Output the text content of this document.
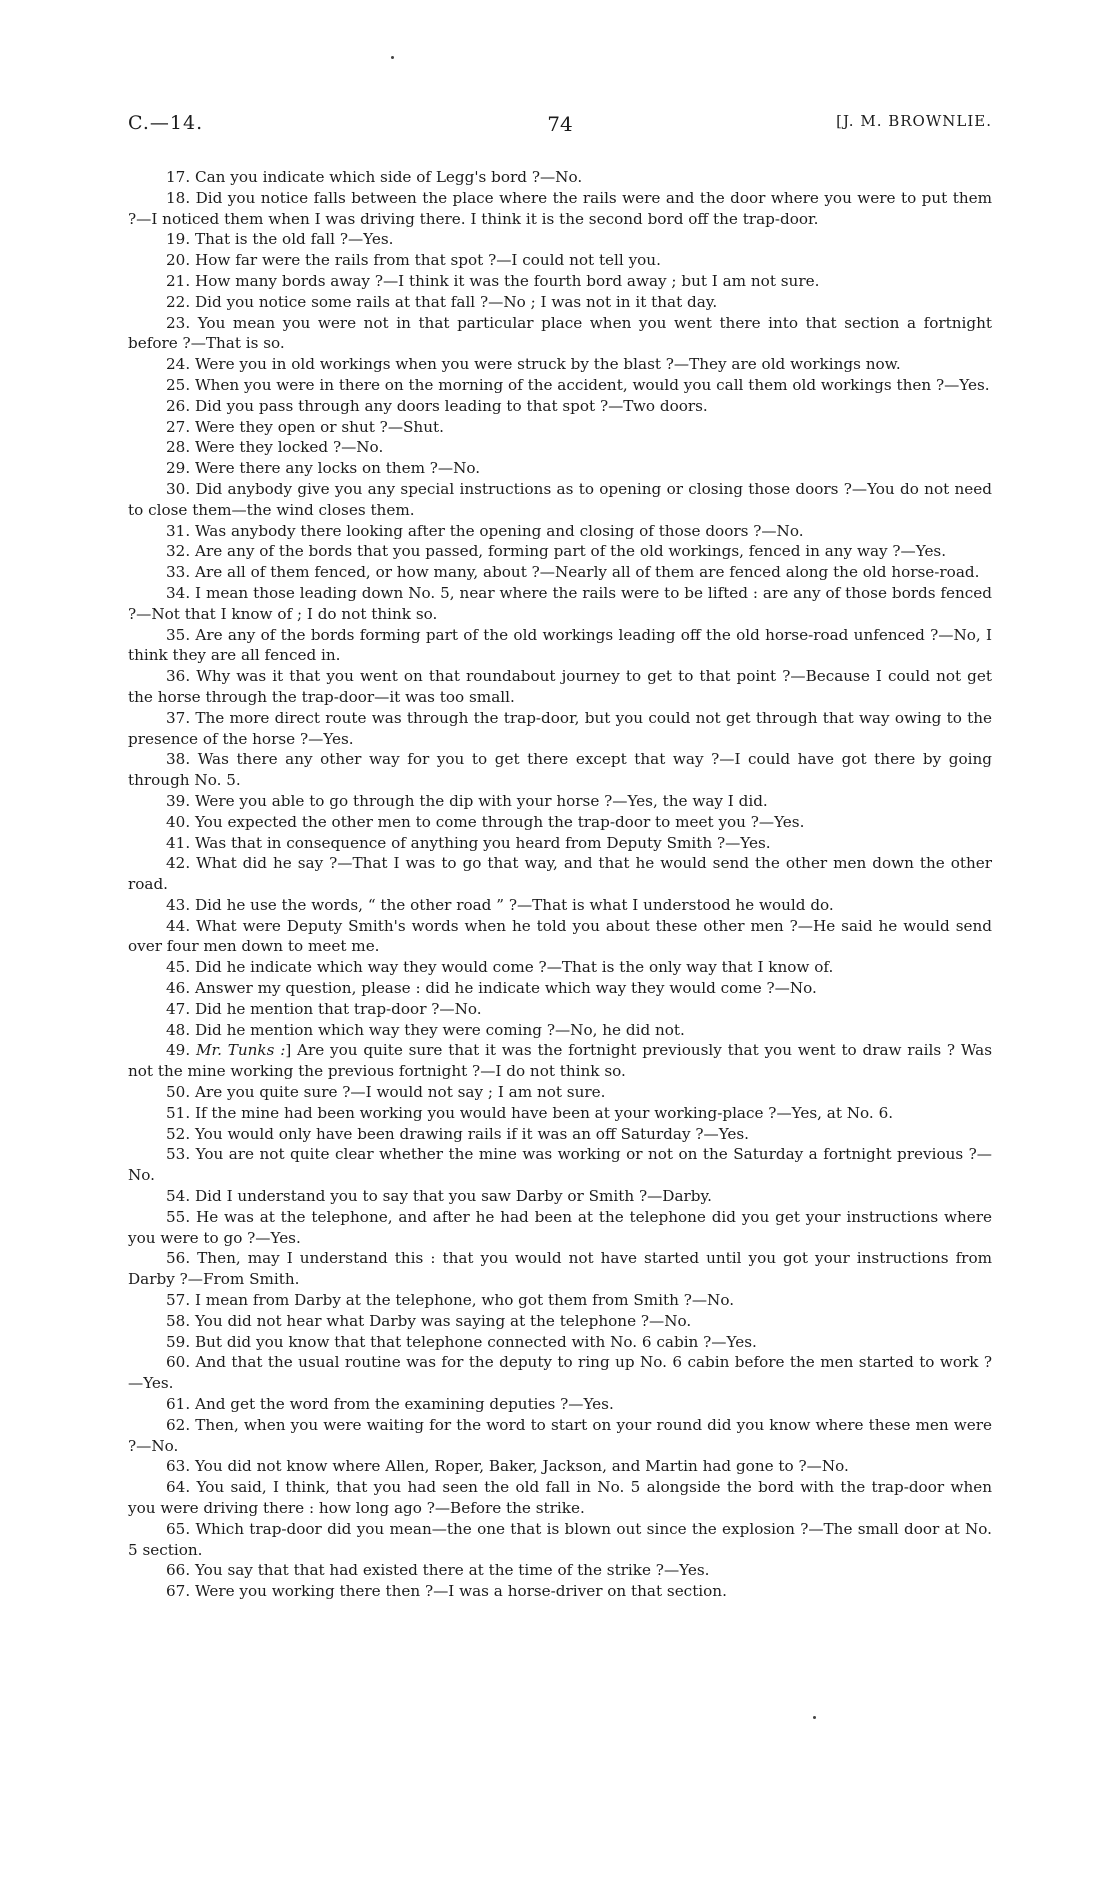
C.—14.	74	[J. M. BROWNLIE.

17. Can you indicate which side of Legg's bord ?—No.

18. Did you notice falls between the place where the rails were and the door where you were to put them ?—I noticed them when I was driving there. I think it is the second bord off the trap-door.

19. That is the old fall ?—Yes.

20. How far were the rails from that spot ?—I could not tell you.

21. How many bords away ?—I think it was the fourth bord away ; but I am not sure.

22. Did you notice some rails at that fall ?—No ; I was not in it that day.

23. You mean you were not in that particular place when you went there into that section a fortnight before ?—That is so.

24. Were you in old workings when you were struck by the blast ?—They are old workings now.

25. When you were in there on the morning of the accident, would you call them old workings then ?—Yes.

26. Did you pass through any doors leading to that spot ?—Two doors.

27. Were they open or shut ?—Shut.

28. Were they locked ?—No.

29. Were there any locks on them ?—No.

30. Did anybody give you any special instructions as to opening or closing those doors ?—You do not need to close them—the wind closes them.

31. Was anybody there looking after the opening and closing of those doors ?—No.

32. Are any of the bords that you passed, forming part of the old workings, fenced in any way ?—Yes.

33. Are all of them fenced, or how many, about ?—Nearly all of them are fenced along the old horse-road.

34. I mean those leading down No. 5, near where the rails were to be lifted : are any of those bords fenced ?—Not that I know of ; I do not think so.

35. Are any of the bords forming part of the old workings leading off the old horse-road unfenced ?—No, I think they are all fenced in.

36. Why was it that you went on that roundabout journey to get to that point ?—Because I could not get the horse through the trap-door—it was too small.

37. The more direct route was through the trap-door, but you could not get through that way owing to the presence of the horse ?—Yes.

38. Was there any other way for you to get there except that way ?—I could have got there by going through No. 5.

39. Were you able to go through the dip with your horse ?—Yes, the way I did.

40. You expected the other men to come through the trap-door to meet you ?—Yes.

41. Was that in consequence of anything you heard from Deputy Smith ?—Yes.

42. What did he say ?—That I was to go that way, and that he would send the other men down the other road.

43. Did he use the words, “ the other road ” ?—That is what I understood he would do.

44. What were Deputy Smith's words when he told you about these other men ?—He said he would send over four men down to meet me.

45. Did he indicate which way they would come ?—That is the only way that I know of.

46. Answer my question, please : did he indicate which way they would come ?—No.

47. Did he mention that trap-door ?—No.

48. Did he mention which way they were coming ?—No, he did not.

49. Mr. Tunks :] Are you quite sure that it was the fortnight previously that you went to draw rails ? Was not the mine working the previous fortnight ?—I do not think so.

50. Are you quite sure ?—I would not say ; I am not sure.

51. If the mine had been working you would have been at your working-place ?—Yes, at No. 6.

52. You would only have been drawing rails if it was an off Saturday ?—Yes.

53. You are not quite clear whether the mine was working or not on the Saturday a fortnight previous ?—No.

54. Did I understand you to say that you saw Darby or Smith ?—Darby.

55. He was at the telephone, and after he had been at the telephone did you get your instructions where you were to go ?—Yes.

56. Then, may I understand this : that you would not have started until you got your instructions from Darby ?—From Smith.

57. I mean from Darby at the telephone, who got them from Smith ?—No.

58. You did not hear what Darby was saying at the telephone ?—No.

59. But did you know that that telephone connected with No. 6 cabin ?—Yes.

60. And that the usual routine was for the deputy to ring up No. 6 cabin before the men started to work ?—Yes.

61. And get the word from the examining deputies ?—Yes.

62. Then, when you were waiting for the word to start on your round did you know where these men were ?—No.

63. You did not know where Allen, Roper, Baker, Jackson, and Martin had gone to ?—No.

64. You said, I think, that you had seen the old fall in No. 5 alongside the bord with the trap-door when you were driving there : how long ago ?—Before the strike.

65. Which trap-door did you mean—the one that is blown out since the explosion ?—The small door at No. 5 section.

66. You say that that had existed there at the time of the strike ?—Yes.

67. Were you working there then ?—I was a horse-driver on that section.
